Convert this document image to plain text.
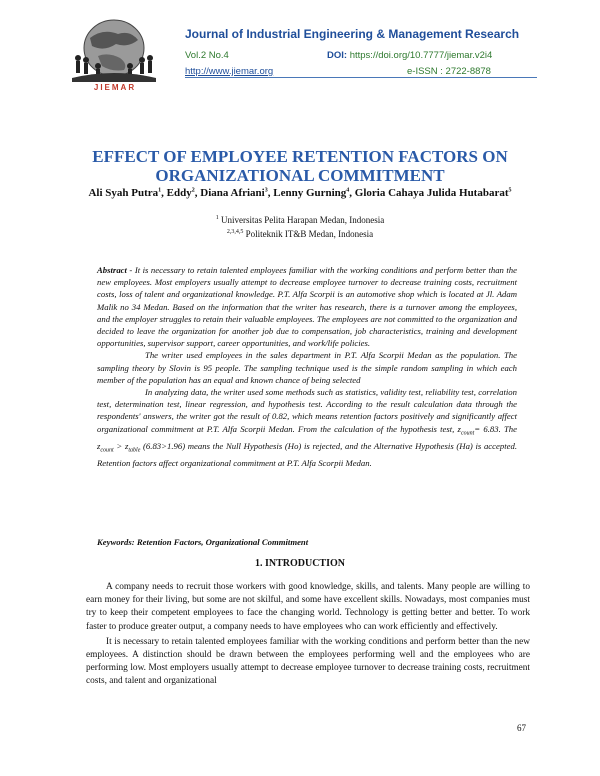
JIEMAR
Journal of Industrial Engineering & Management Research
Vol.2 No.4	DOI: https://doi.org/10.7777/jiemar.v2i4
http://www.jiemar.org	e-ISSN : 2722-8878
EFFECT OF EMPLOYEE RETENTION FACTORS ON
ORGANIZATIONAL COMMITMENT
Ali Syah Putra$^1$, Eddy$^2$, Diana Afriani$^3$, Lenny Gurning$^4$, Gloria Cahaya Julida Hutabarat$^5$
$^1$ Universitas Pelita Harapan Medan, Indonesia
$^{2,3,4,5}$ Politeknik IT&B Medan, Indonesia

Abstract - It is necessary to retain talented employees familiar with the working conditions and perform better than the new employees. Most employers usually attempt to decrease employee turnover to decrease training costs, recruitment costs, loss of talent and organizational knowledge. P.T. Alfa Scorpii is an automotive shop which is located at Jl. Adam Malik no 34 Medan. Based on the information that the writer has research, there is a turnover among the employees, and the employer struggles to retain their valuable employees. The employees are not committed to the organization and decided to leave the organization for another job due to compensation, job characteristics, training and development opportunities, supervisor support, career opportunities, and work/life policies.

The writer used employees in the sales department in P.T. Alfa Scorpii Medan as the population. The sampling theory by Slovin is 95 people. The sampling technique used is the simple random sampling in which each member of the population has an equal and known chance of being selected

In analyzing data, the writer used some methods such as statistics, validity test, reliability test, correlation test, determination test, linear regression, and hypothesis test. According to the result calculation data through the respondents' answers, the writer got the result of 0.82, which means retention factors positively and significantly affect organizational commitment at P.T. Alfa Scorpii Medan. From the calculation of the hypothesis test, $z_{count}= 6.83$. The $z_{count} > z_{table}$ (6.83>1.96) means the Null Hypothesis (Ho) is rejected, and the Alternative Hypothesis (Ha) is accepted. Retention factors affect organizational commitment at P.T. Alfa Scorpii Medan.

Keywords: Retention Factors, Organizational Commitment
1. INTRODUCTION

A company needs to recruit those workers with good knowledge, skills, and talents. Many people are willing to earn money for their living, but some are not skilful, and some have excellent skills. Nowadays, most companies must try to keep their competent employees to face the changing world. Technology is getting better and better. To work faster to produce greater output, a company needs to have employees who can work efficiently and effectively.

It is necessary to retain talented employees familiar with the working conditions and perform better than the new employees. A distinction should be drawn between the employees performing well and the employees who are performing low. Most employers usually attempt to decrease employee turnover to decrease training costs, recruitment costs, and talent and organizational

67
